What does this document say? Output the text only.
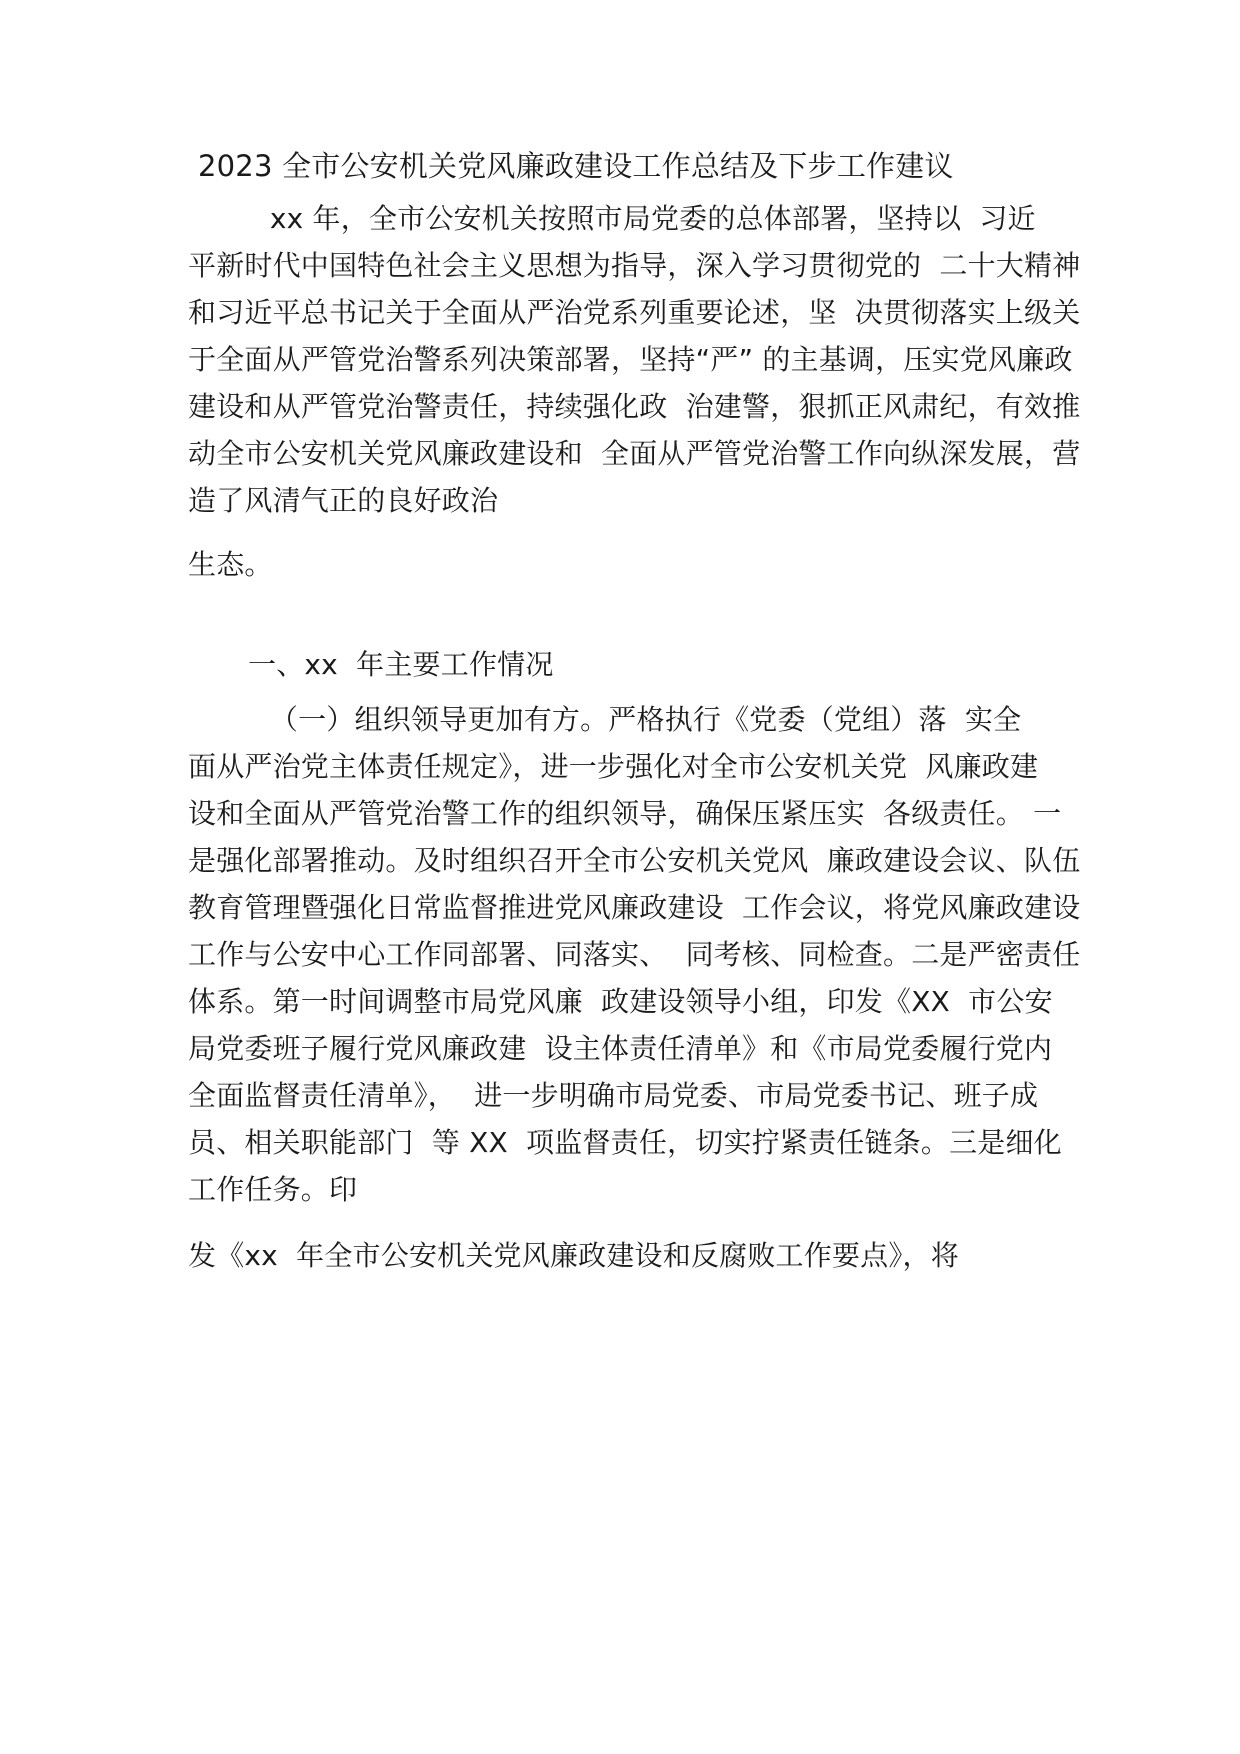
2023 全市公安机关党风廉政建设工作总结及下步工作建议

xx 年，全市公安机关按照市局党委的总体部署，坚持以  习近

平新时代中国特色社会主义思想为指导，深入学习贯彻党的  二十大精神

和习近平总书记关于全面从严治党系列重要论述，坚  决贯彻落实上级关

于全面从严管党治警系列决策部署，坚持“严” 的主基调，压实党风廉政

建设和从严管党治警责任，持续强化政  治建警，狠抓正风肃纪，有效推

动全市公安机关党风廉政建设和  全面从严管党治警工作向纵深发展，营

造了风清气正的良好政治

生态。

一、xx  年主要工作情况

（一）组织领导更加有方。严格执行《党委（党组）落  实全

面从严治党主体责任规定》，进一步强化对全市公安机关党  风廉政建

设和全面从严管党治警工作的组织领导，确保压紧压实  各级责任。 一

是强化部署推动。及时组织召开全市公安机关党风  廉政建设会议、队伍

教育管理暨强化日常监督推进党风廉政建设  工作会议，将党风廉政建设

工作与公安中心工作同部署、同落实、  同考核、同检查。二是严密责任

体系。第一时间调整市局党风廉  政建设领导小组，印发《XX  市公安

局党委班子履行党风廉政建  设主体责任清单》和《市局党委履行党内

全面监督责任清单》，  进一步明确市局党委、市局党委书记、班子成

员、相关职能部门  等 XX  项监督责任，切实拧紧责任链条。三是细化

工作任务。印

发《xx  年全市公安机关党风廉政建设和反腐败工作要点》，将
